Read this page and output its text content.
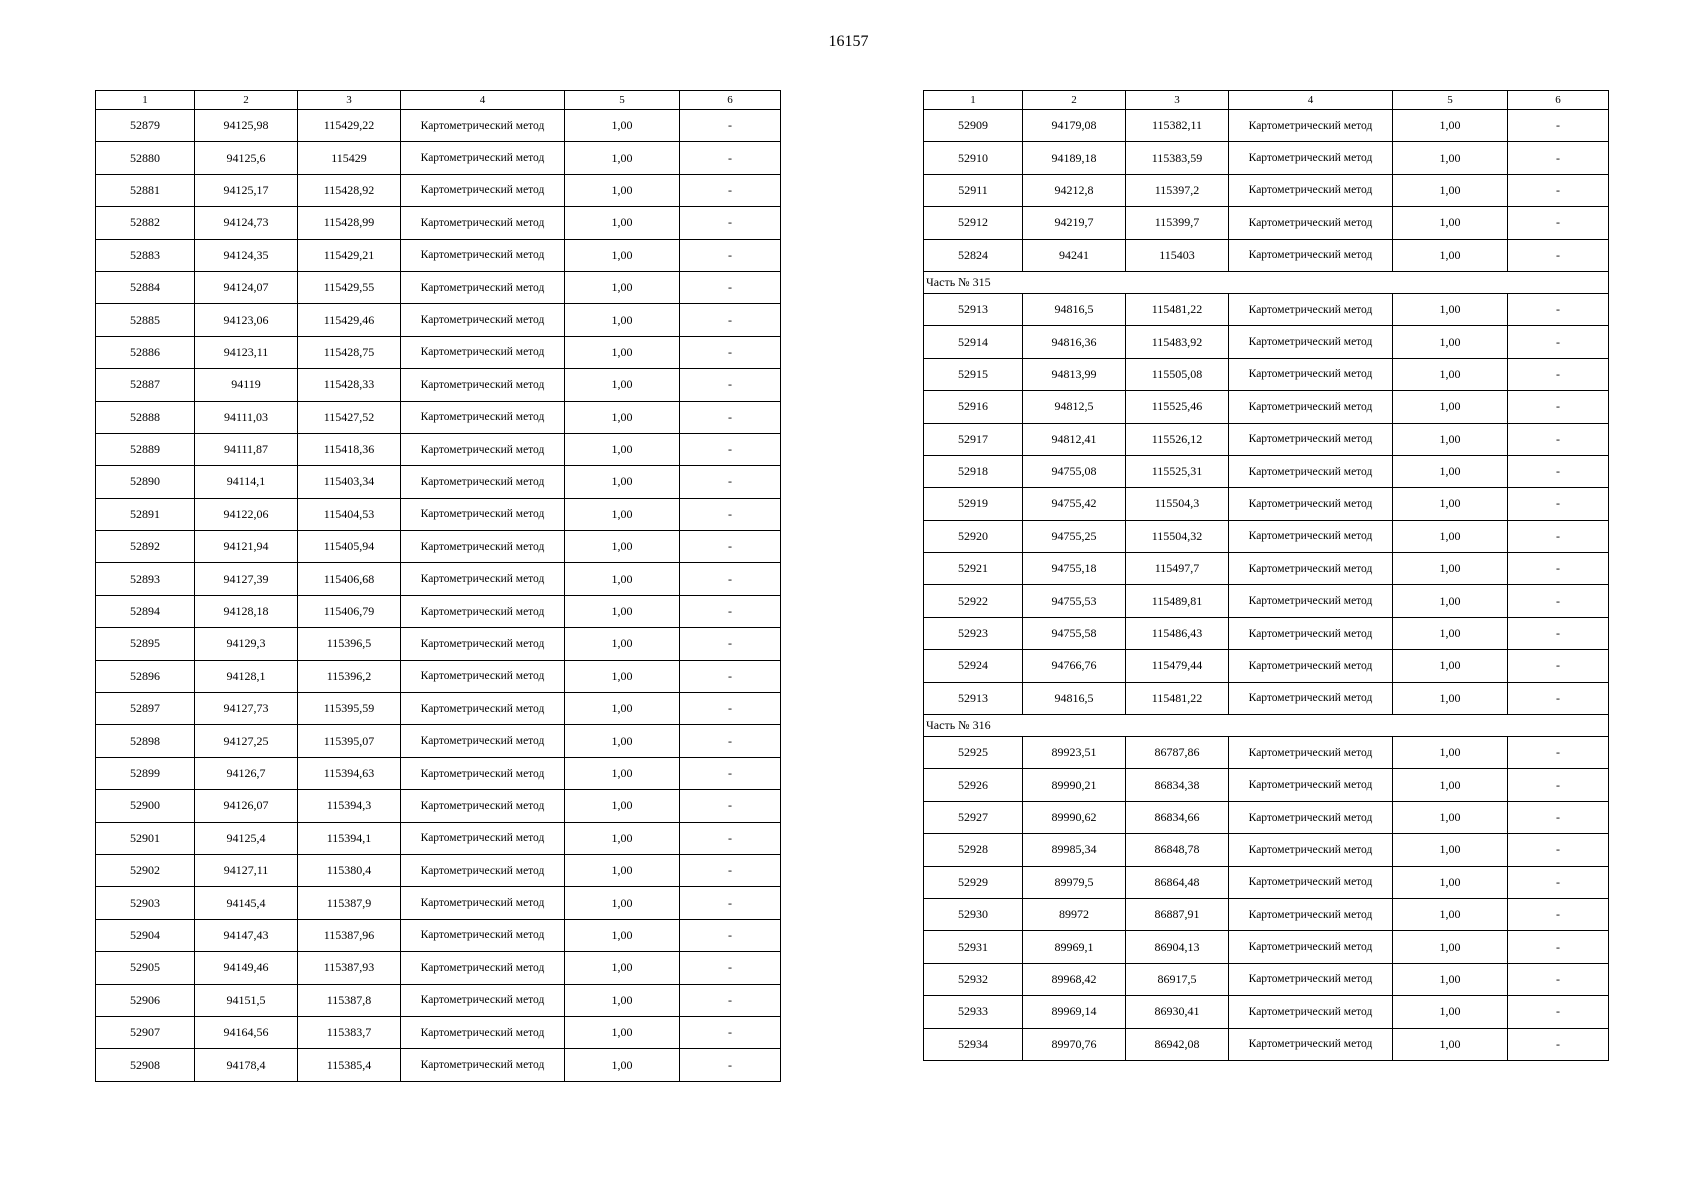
16157
1	2	3	4	5	6
52879	94125,98	115429,22	Картометрический метод	1,00	-
52880	94125,6	115429	Картометрический метод	1,00	-
52881	94125,17	115428,92	Картометрический метод	1,00	-
52882	94124,73	115428,99	Картометрический метод	1,00	-
52883	94124,35	115429,21	Картометрический метод	1,00	-
52884	94124,07	115429,55	Картометрический метод	1,00	-
52885	94123,06	115429,46	Картометрический метод	1,00	-
52886	94123,11	115428,75	Картометрический метод	1,00	-
52887	94119	115428,33	Картометрический метод	1,00	-
52888	94111,03	115427,52	Картометрический метод	1,00	-
52889	94111,87	115418,36	Картометрический метод	1,00	-
52890	94114,1	115403,34	Картометрический метод	1,00	-
52891	94122,06	115404,53	Картометрический метод	1,00	-
52892	94121,94	115405,94	Картометрический метод	1,00	-
52893	94127,39	115406,68	Картометрический метод	1,00	-
52894	94128,18	115406,79	Картометрический метод	1,00	-
52895	94129,3	115396,5	Картометрический метод	1,00	-
52896	94128,1	115396,2	Картометрический метод	1,00	-
52897	94127,73	115395,59	Картометрический метод	1,00	-
52898	94127,25	115395,07	Картометрический метод	1,00	-
52899	94126,7	115394,63	Картометрический метод	1,00	-
52900	94126,07	115394,3	Картометрический метод	1,00	-
52901	94125,4	115394,1	Картометрический метод	1,00	-
52902	94127,11	115380,4	Картометрический метод	1,00	-
52903	94145,4	115387,9	Картометрический метод	1,00	-
52904	94147,43	115387,96	Картометрический метод	1,00	-
52905	94149,46	115387,93	Картометрический метод	1,00	-
52906	94151,5	115387,8	Картометрический метод	1,00	-
52907	94164,56	115383,7	Картометрический метод	1,00	-
52908	94178,4	115385,4	Картометрический метод	1,00	-
1	2	3	4	5	6
52909	94179,08	115382,11	Картометрический метод	1,00	-
52910	94189,18	115383,59	Картометрический метод	1,00	-
52911	94212,8	115397,2	Картометрический метод	1,00	-
52912	94219,7	115399,7	Картометрический метод	1,00	-
52824	94241	115403	Картометрический метод	1,00	-
Часть № 315					
52913	94816,5	115481,22	Картометрический метод	1,00	-
52914	94816,36	115483,92	Картометрический метод	1,00	-
52915	94813,99	115505,08	Картометрический метод	1,00	-
52916	94812,5	115525,46	Картометрический метод	1,00	-
52917	94812,41	115526,12	Картометрический метод	1,00	-
52918	94755,08	115525,31	Картометрический метод	1,00	-
52919	94755,42	115504,3	Картометрический метод	1,00	-
52920	94755,25	115504,32	Картометрический метод	1,00	-
52921	94755,18	115497,7	Картометрический метод	1,00	-
52922	94755,53	115489,81	Картометрический метод	1,00	-
52923	94755,58	115486,43	Картометрический метод	1,00	-
52924	94766,76	115479,44	Картометрический метод	1,00	-
52913	94816,5	115481,22	Картометрический метод	1,00	-
Часть № 316					
52925	89923,51	86787,86	Картометрический метод	1,00	-
52926	89990,21	86834,38	Картометрический метод	1,00	-
52927	89990,62	86834,66	Картометрический метод	1,00	-
52928	89985,34	86848,78	Картометрический метод	1,00	-
52929	89979,5	86864,48	Картометрический метод	1,00	-
52930	89972	86887,91	Картометрический метод	1,00	-
52931	89969,1	86904,13	Картометрический метод	1,00	-
52932	89968,42	86917,5	Картометрический метод	1,00	-
52933	89969,14	86930,41	Картометрический метод	1,00	-
52934	89970,76	86942,08	Картометрический метод	1,00	-
